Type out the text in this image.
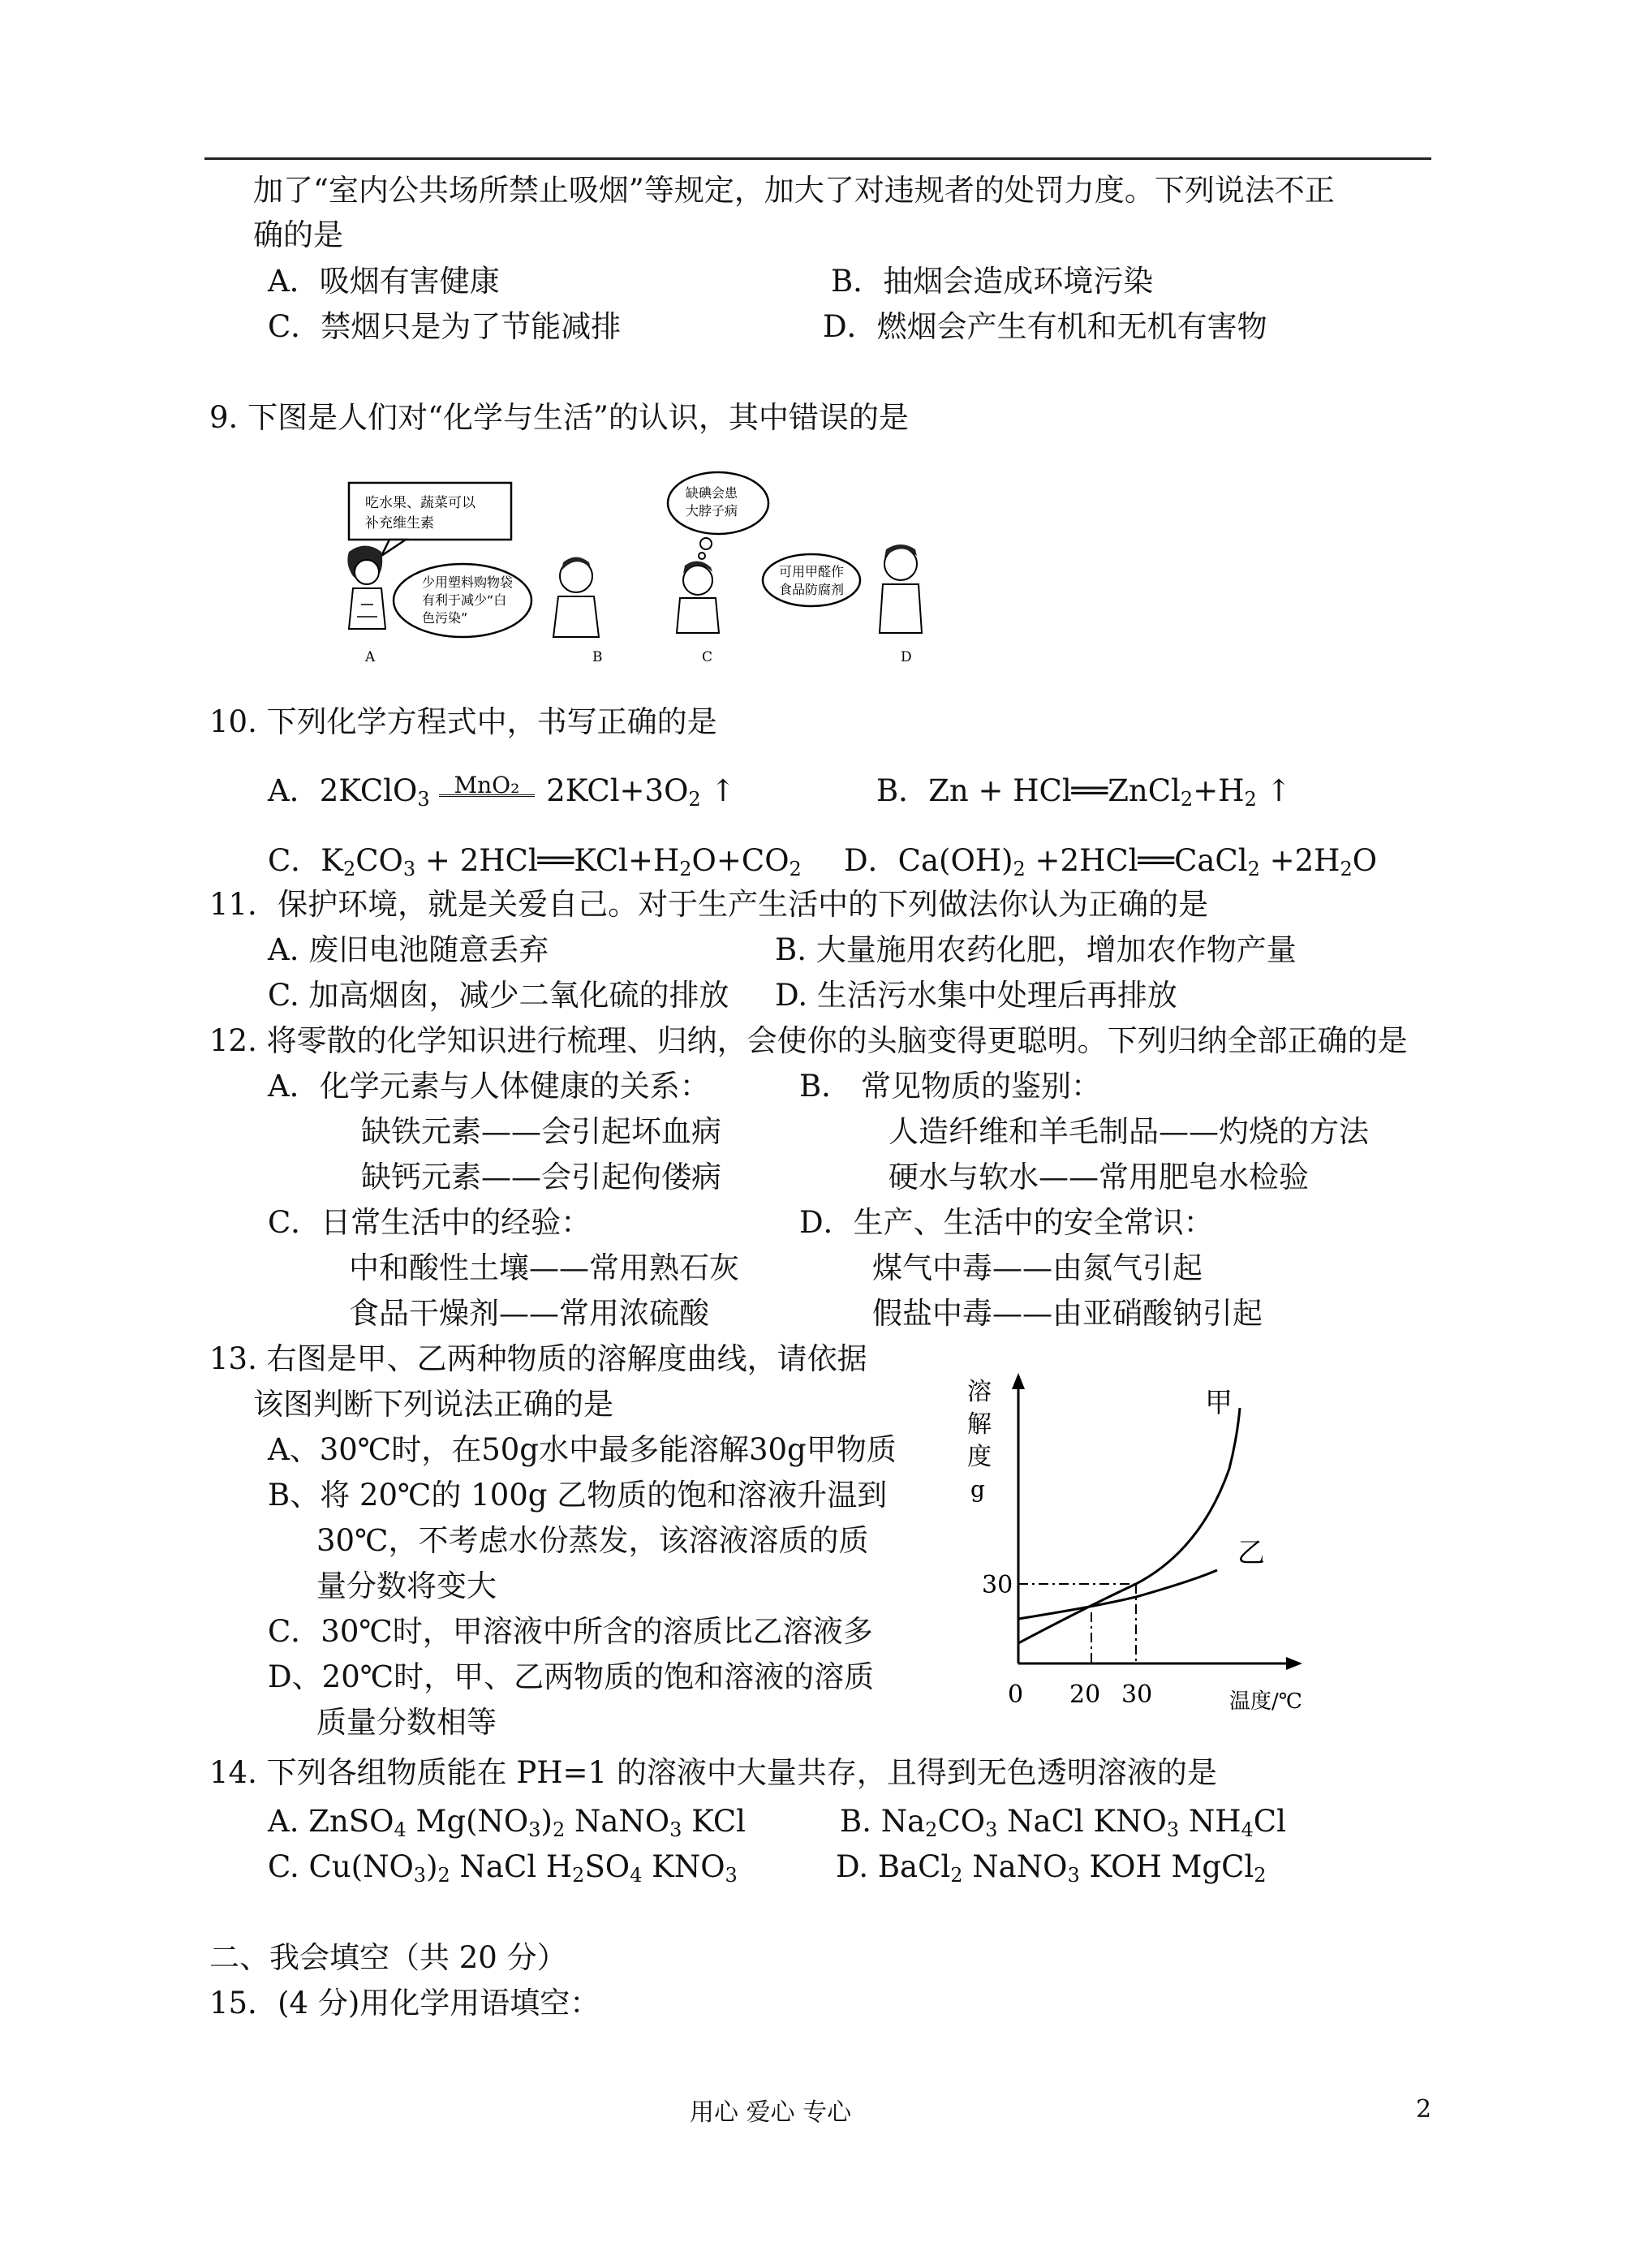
加了“室内公共场所禁止吸烟”等规定，加大了对违规者的处罚力度。下列说法不正
确的是
A．吸烟有害健康	B．抽烟会造成环境污染
C．禁烟只是为了节能减排	D．燃烟会产生有机和无机有害物
9. 下图是人们对“化学与生活”的认识，其中错误的是
吃水果、蔬菜可以
补充维生素
少用塑料购物袋
有利于减少“白
色污染”
缺碘会患
大脖子病
可用甲醛作
食品防腐剂
A	B	C	D
10. 下列化学方程式中，书写正确的是
A．2KClO$_3$
MnO₂ $2KCl+3O_2$ ↑	B．$Zn + HCl══ZnCl_2+H_2$ ↑
C．$K_2CO_3$ + $2HCl══KCl+H_2O+CO_2$ D．$Ca(OH)_2$ +2HCl══CaCl$_2$ $+2H_2O$
11．保护环境，就是关爱自己。对于生产生活中的下列做法你认为正确的是
A. 废旧电池随意丢弃	B. 大量施用农药化肥，增加农作物产量
C. 加高烟囱，减少二氧化硫的排放 D. 生活污水集中处理后再排放
12. 将零散的化学知识进行梳理、归纳，会使你的头脑变得更聪明。下列归纳全部正确的是
A．化学元素与人体健康的关系：	B． 常见物质的鉴别：
缺铁元素——会引起坏血病	人造纤维和羊毛制品——灼烧的方法
缺钙元素——会引起佝偻病	硬水与软水——常用肥皂水检验
C．日常生活中的经验：	D．生产、生活中的安全常识：
中和酸性土壤——常用熟石灰	煤气中毒——由氮气引起
食品干燥剂——常用浓硫酸	假盐中毒——由亚硝酸钠引起
13. 右图是甲、乙两种物质的溶解度曲线，请依据
该图判断下列说法正确的是
A、30℃时，在50g水中最多能溶解30g甲物质
B、将 20℃的 100g 乙物质的饱和溶液升温到
30℃，不考虑水份蒸发，该溶液溶质的质
量分数将变大
C．30℃时，甲溶液中所含的溶质比乙溶液多
D、20℃时，甲、乙两物质的饱和溶液的溶质
质量分数相等
溶
解
度
g
甲
乙
30
0 20 30	温度/℃
14. 下列各组物质能在 PH=1 的溶液中大量共存，且得到无色透明溶液的是
A. ZnSO$_4$ $Mg(NO_3)_2$ NaNO$_3$ KCl	B. $Na_2CO_3$ NaCl $KNO_3$ $NH_4Cl$
C. $Cu(NO_3)_2$ NaCl $H_2SO_4$ $KNO_3$	D. BaCl$_2$ NaNO$_3$ KOH MgCl$_2$
二、我会填空（共 20 分）
15．(4 分)用化学用语填空：
用心 爱心 专心	2
